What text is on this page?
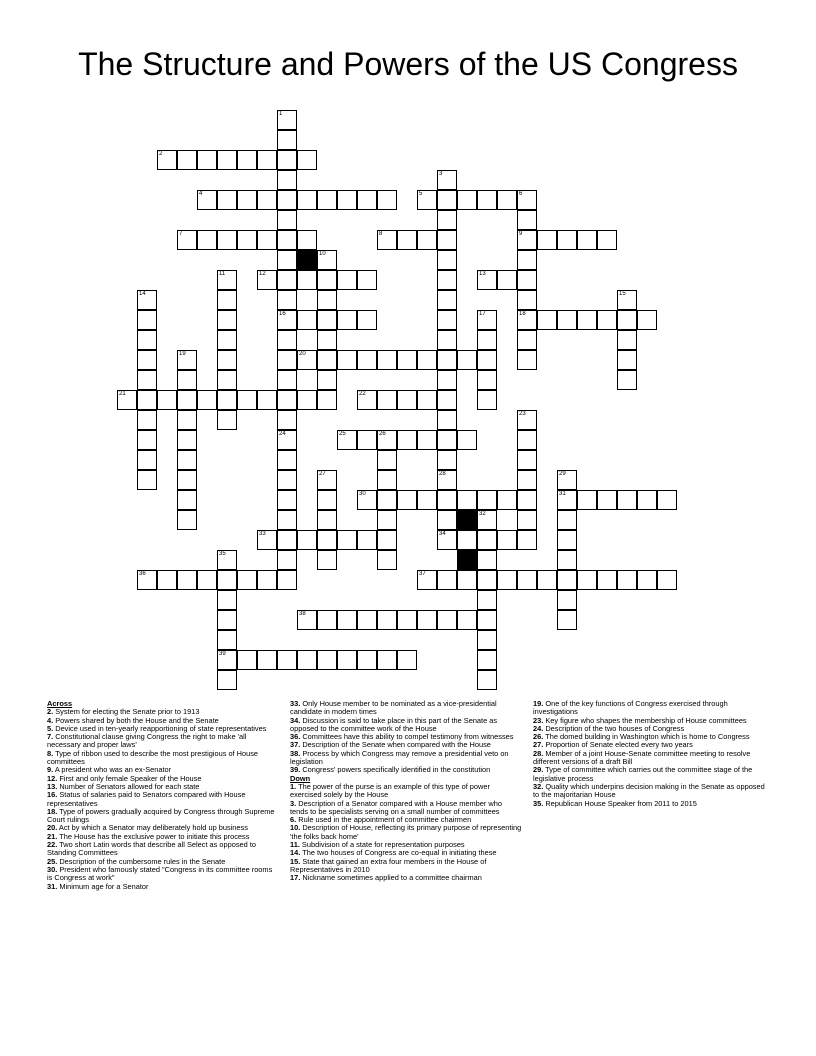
The Structure and Powers of the US Congress
1
16
24
2
3
4	5	6
9
18
7	8
10
11	12	13
14	15
17
19	20
21	22
23
25	26
27	28
34
29
31
30
32
33
35
39
36	37
38
Across
2. System for electing the Senate prior to 1913
4. Powers shared by both the House and the Senate
5. Device used in ten-yearly reapportioning of state representatives
7. Constitutional clause giving Congress the right to make 'all necessary and proper laws'
8. Type of ribbon used to describe the most prestigious of House committees
9. A president who was an ex-Senator
12. First and only female Speaker of the House
13. Number of Senators allowed for each state
16. Status of salaries paid to Senators compared with House representatives
18. Type of powers gradually acquired by Congress through Supreme Court rulings
20. Act by which a Senator may deliberately hold up business
21. The House has the exclusive power to initiate this process
22. Two short Latin words that describe all Select as opposed to Standing Committees
25. Description of the cumbersome rules in the Senate
30. President who famously stated "Congress in its committee rooms is Congress at work"
31. Minimum age for a Senator
33. Only House member to be nominated as a vice-presidential candidate in modern times
34. Discussion is said to take place in this part of the Senate as opposed to the committee work of the House
36. Committees have this ability to compel testimony from witnesses
37. Description of the Senate when compared with the House
38. Process by which Congress may remove a presidential veto on legislation
39. Congress' powers specifically identified in the constitution
Down
1. The power of the purse is an example of this type of power exercised solely by the House
3. Description of a Senator compared with a House member who tends to be specialists serving on a small number of committees
6. Rule used in the appointment of committee chairmen
10. Description of House, reflecting its primary purpose of representing 'the folks back home'
11. Subdivision of a state for representation purposes
14. The two houses of Congress are co-equal in initiating these
15. State that gained an extra four members in the House of Representatives in 2010
17. Nickname sometimes applied to a committee chairman
19. One of the key functions of Congress exercised through investigations
23. Key figure who shapes the membership of House committees
24. Description of the two houses of Congress
26. The domed building in Washington which is home to Congress
27. Proportion of Senate elected every two years
28. Member of a joint House-Senate committee meeting to resolve different versions of a draft Bill
29. Type of committee which carries out the committee stage of the legislative process
32. Quality which underpins decision making in the Senate as opposed to the majoritarian House
35. Republican House Speaker from 2011 to 2015
